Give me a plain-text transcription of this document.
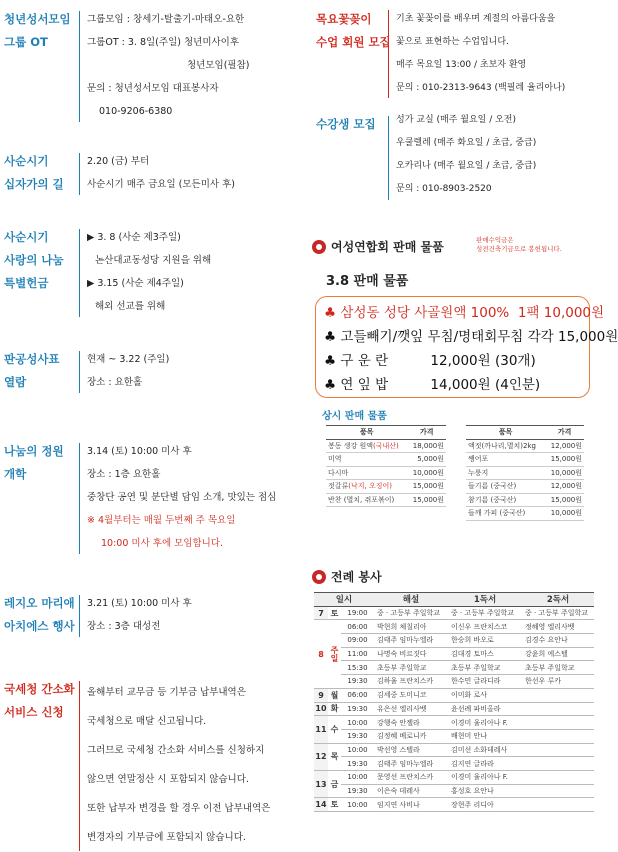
청년성서모임
그룹 OT
그룹모임 : 창세기-탈출기-마태오-요한
그룹OT : 3. 8일(주일) 청년미사이후
청년모임(필참)
문의 : 청년성서모임 대표봉사자
010-9206-6380
사순시기
십자가의 길
2.20 (금) 부터
사순시기 매주 금요일 (모든미사 후)
사순시기
사랑의 나눔
특별헌금
▶ 3. 8 (사순 제3주일)
논산대교동성당 지원을 위해
▶ 3.15 (사순 제4주일)
해외 선교를 위해
판공성사표
열람
현재 ~ 3.22 (주일)
장소 : 요한홀
나눔의 정원
개학
3.14 (토) 10:00 미사 후
장소 : 1층 요한홀
중창단 공연 및 분단별 담임 소개, 맛있는 점심
※ 4월부터는 매월 두번째 주 목요일
10:00 미사 후에 모임합니다.
레지오 마리애
아치에스 행사
3.21 (토) 10:00 미사 후
장소 : 3층 대성전
국세청 간소화
서비스 신청
올해부터 교무금 등 기부금 납부내역은
국세청으로 매달 신고됩니다.
그러므로 국세청 간소화 서비스를 신청하지
않으면 연말정산 시 포함되지 않습니다.
또한 납부자 변경을 할 경우 이전 납부내역은
변경자의 기부금에 포함되지 않습니다.
목요꽃꽂이
수업 회원 모집
기초 꽃꽂이를 배우며 계절의 아름다움을
꽃으로 표현하는 수업입니다.
매주 목요일 13:00 / 초보자 환영
문의 : 010-2313-9643 (백필레 율리아나)
수강생 모집	성가 교실 (매주 월요일 / 오전)
우쿨렐레 (매주 화요일 / 초급, 중급)
오카리나 (매주 월요일 / 초급, 중급)
문의 : 010-8903-2520
여성연합회 판매 물품	판매수익금은
성전건축기금으로 봉헌됩니다.
3.8 판매 물품
♣ 삼성동 성당 사골원액 100% 1팩 10,000원
♣ 고들빼기/깻잎 무침/명태회무침 각각 15,000원
♣ 구 운 란	12,000원 (30개)
♣ 연 잎 밥	14,000원 (4인분)
상시 판매 물품
품목	가격
봉동 생강 원액(국내산)	18,000원
미역	5,000원
다시마	10,000원
젓갈류(낙지, 오징어)	15,000원
반찬 (멸치, 쥐포볶이)	15,000원
품목	가격
액젓(까나리,멸치)2kg	12,000원
쌩어포	15,000원
누룽지	10,000원
들기름 (중국산)	12,000원
참기름 (중국산)	15,000원
들깨 가피 (중국산)	10,000원
전례 봉사
일시			해설	1독서	2독서
7	토	19:00	중 · 고등부 주일학교	중 · 고등부 주일학교	중 · 고등부 주일학교
8	주일	06:00	박현희 체칠리아	이신우 프란치스코	정혜영 엘리사벳
		09:00	김태주 임마누엘라	한승희 바오로	김경수 요안나
		11:00	나명숙 비르짓다	김대경 토마스	강윤희 에스텔
		15:30	초등부 주일학교	초등부 주일학교	초등부 주일학교
		19:30	김하율 프란치스카	한수민 글라디라	한선우 루카
9	월	06:00	김세중 도미니코	이미화 로사	
10	화	19:30	유은선 엘리사벳	윤선례 파비올라	
11	수	10:00	강행숙 안젤라	이경미 율리아나 F.	
		19:30	김정혜 베로니카	배현미 안나	
12	목	10:00	박선영 스텔라	김미선 소화데레사	
		19:30	김태주 임마누엘라	김지연 글라라	
13	금	10:00	문영선 프란치스카	이경미 율리아나 F.	
		19:30	이은숙 데레사	홍성호 요안나	
14	토	10:00	임지연 사비나	장현주 리디아	
